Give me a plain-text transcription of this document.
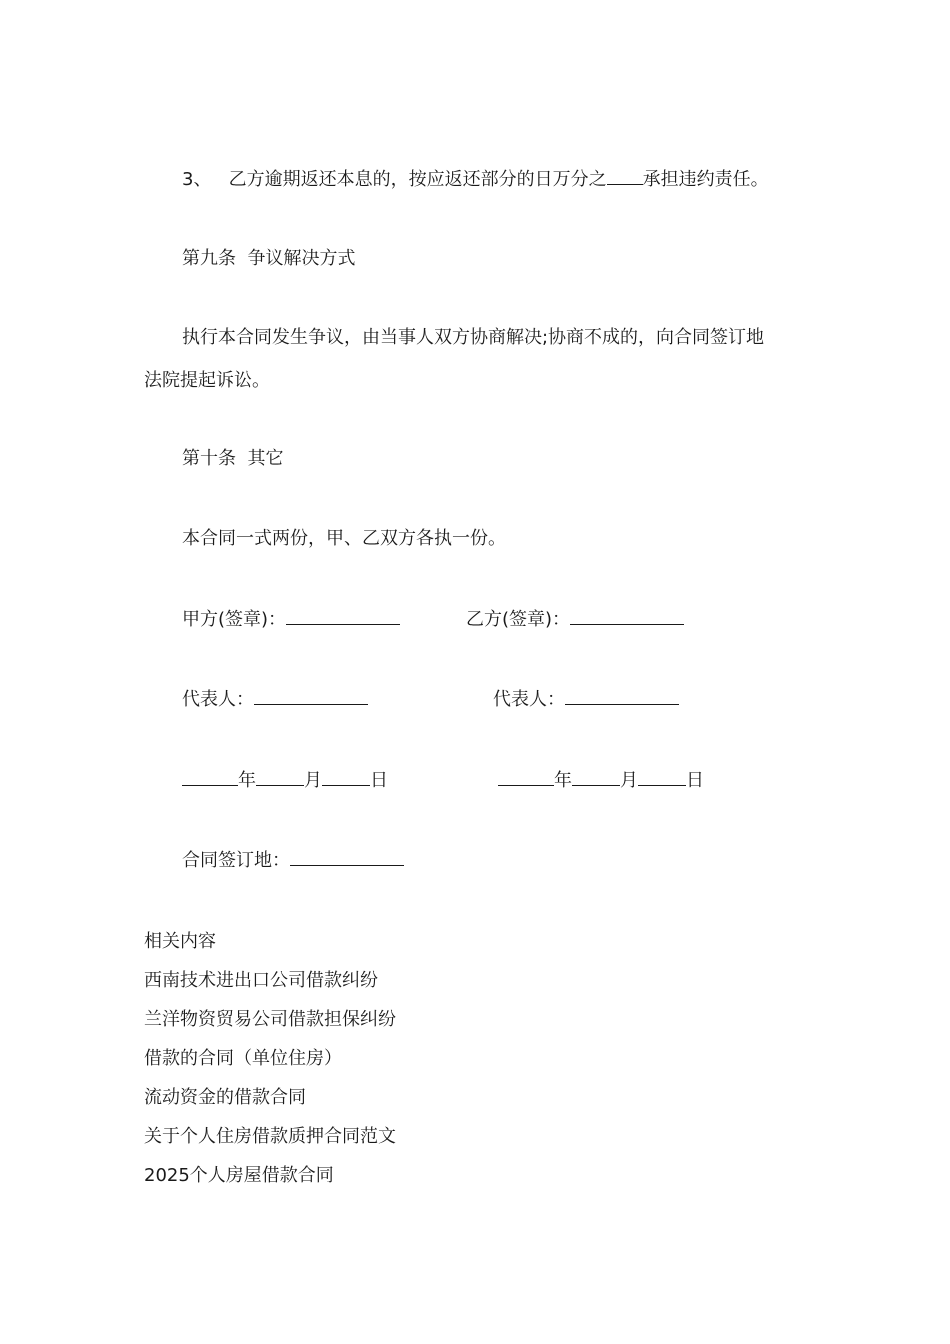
3、 乙方逾期返还本息的，按应返还部分的日万分之 承担违约责任。
第九条  争议解决方式
执行本合同发生争议，由当事人双方协商解决;协商不成的，向合同签订地
法院提起诉讼。
第十条  其它
本合同一式两份，甲、乙双方各执一份。
甲方(签章)：	乙方(签章)：
代表人：	代表人：
年	月	日	年	月	日
合同签订地：
相关内容
西南技术进出口公司借款纠纷
兰洋物资贸易公司借款担保纠纷
借款的合同（单位住房）
流动资金的借款合同
关于个人住房借款质押合同范文
2025个人房屋借款合同
